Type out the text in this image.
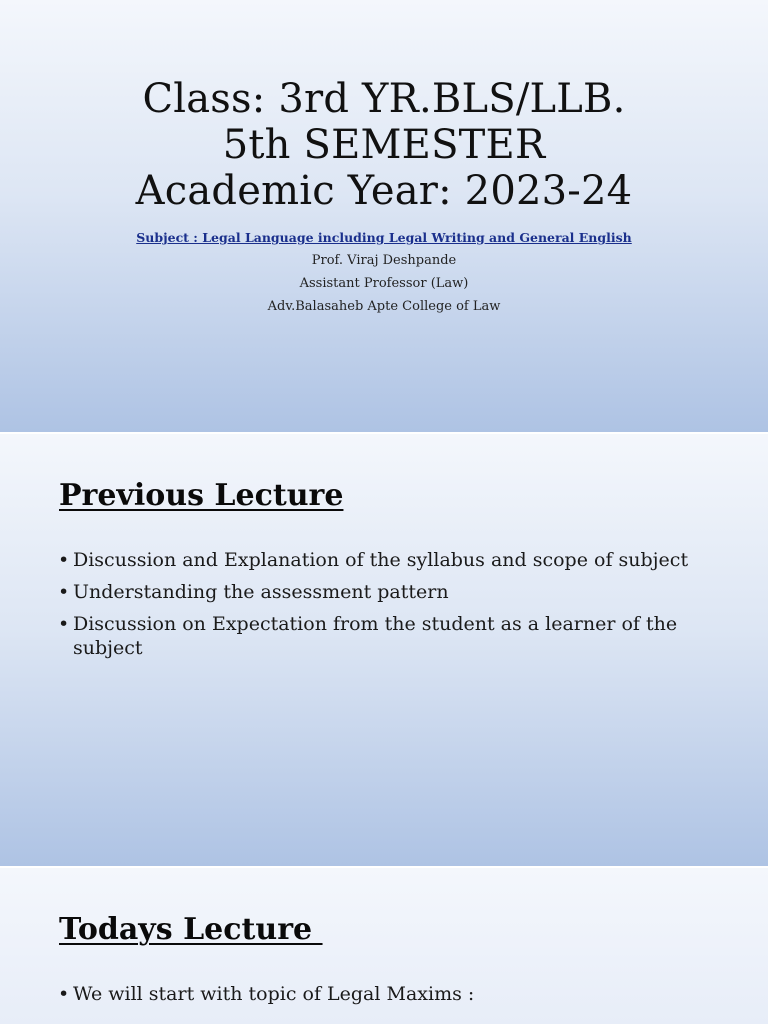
Class: 3rd YR.BLS/LLB.
5th SEMESTER
Academic Year: 2023-24
Subject : Legal Language including Legal Writing and General English
Prof. Viraj Deshpande
Assistant Professor (Law)
Adv.Balasaheb Apte College of Law
Previous Lecture
• Discussion and Explanation of the syllabus and scope of subject
• Understanding the assessment pattern
• Discussion on Expectation from the student as a learner of the subject
Todays Lecture
• We will start with topic of Legal Maxims :
